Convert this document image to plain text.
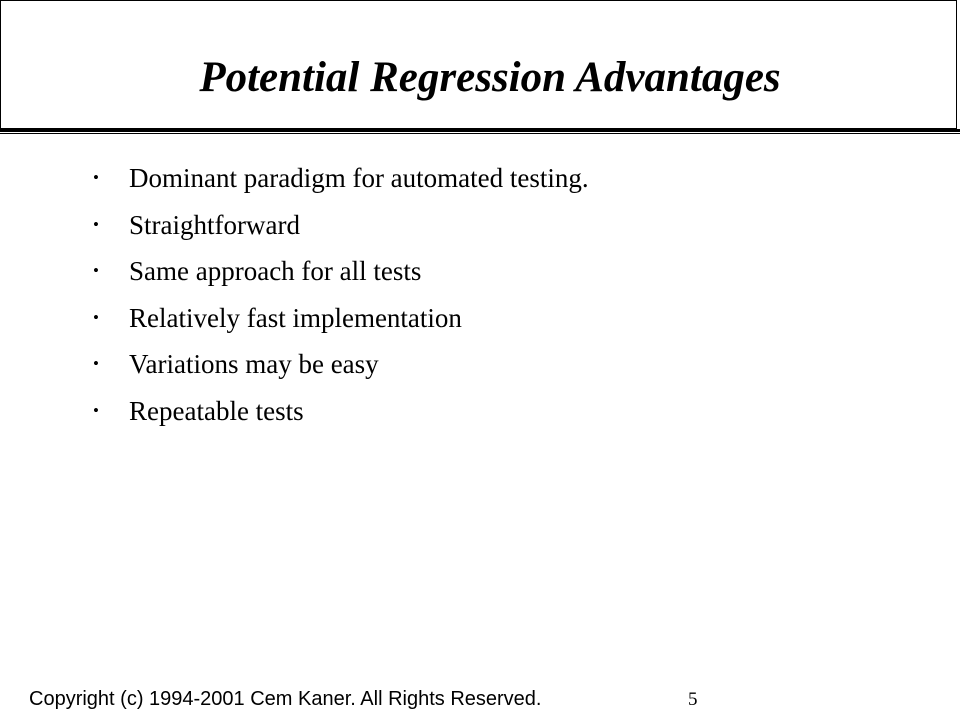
Potential Regression Advantages
• Dominant paradigm for automated testing.
• Straightforward
• Same approach for all tests
• Relatively fast implementation
• Variations may be easy
• Repeatable tests
Copyright (c) 1994-2001 Cem Kaner. All Rights Reserved.	5
